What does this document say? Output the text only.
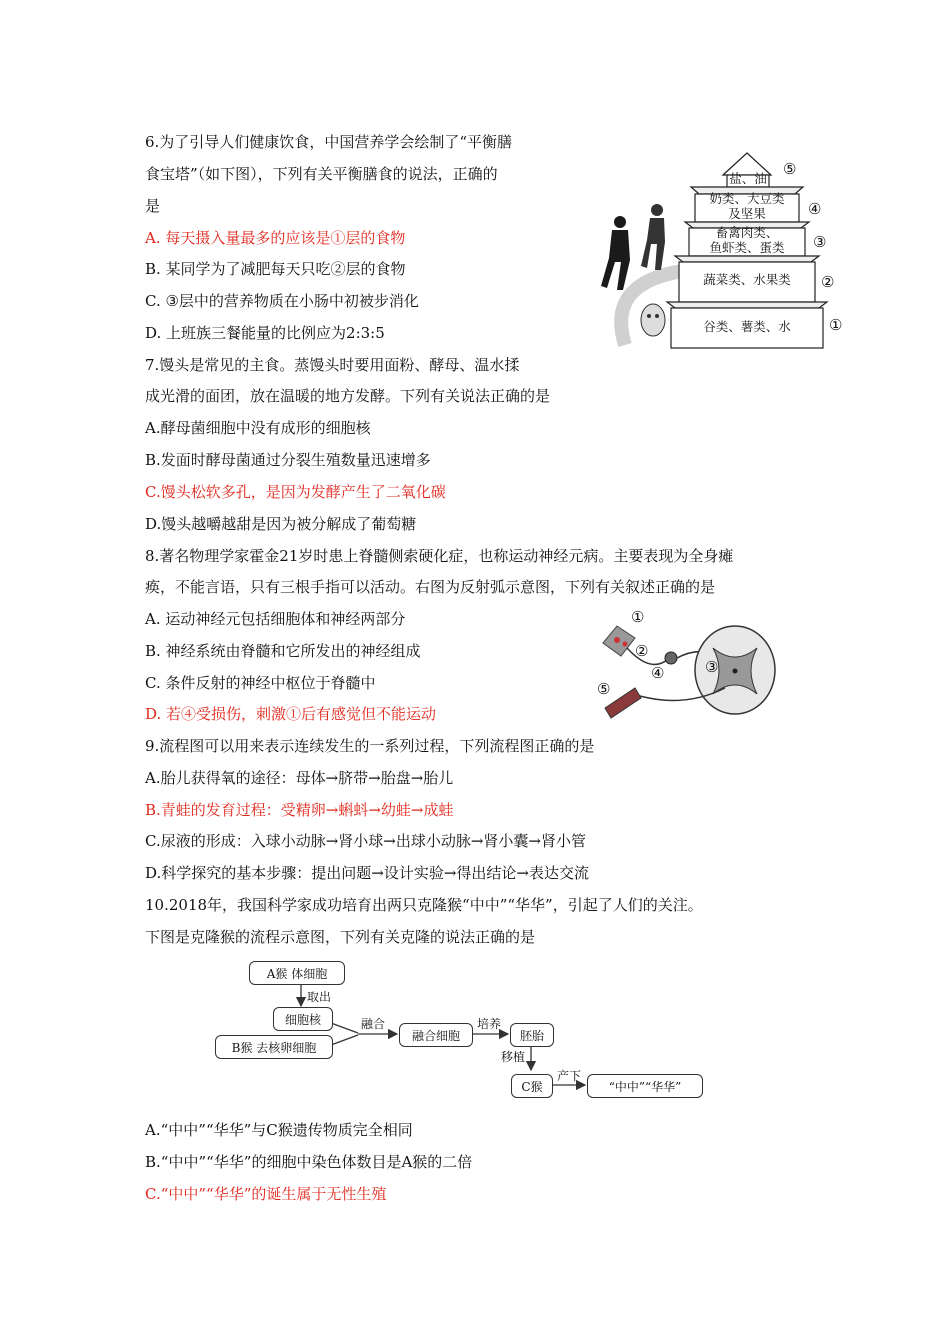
6.为了引导人们健康饮食，中国营养学会绘制了“平衡膳
食宝塔”（如下图），下列有关平衡膳食的说法，正确的
是
A. 每天摄入量最多的应该是①层的食物
B. 某同学为了减肥每天只吃②层的食物
C. ③层中的营养物质在小肠中初被步消化
D. 上班族三餐能量的比例应为2:3:5
盐、油
奶类、大豆类
及坚果
畜禽肉类、
鱼虾类、蛋类
蔬菜类、水果类
谷类、薯类、水
⑤
④
③
②
①
7.馒头是常见的主食。蒸馒头时要用面粉、酵母、温水揉
成光滑的面团，放在温暖的地方发酵。下列有关说法正确的是
A.酵母菌细胞中没有成形的细胞核
B.发面时酵母菌通过分裂生殖数量迅速增多
C.馒头松软多孔，是因为发酵产生了二氧化碳
D.馒头越嚼越甜是因为被分解成了葡萄糖
8.著名物理学家霍金21岁时患上脊髓侧索硬化症，也称运动神经元病。主要表现为全身瘫
痪，不能言语，只有三根手指可以活动。右图为反射弧示意图，下列有关叙述正确的是
A. 运动神经元包括细胞体和神经两部分
B. 神经系统由脊髓和它所发出的神经组成
C. 条件反射的神经中枢位于脊髓中
D. 若④受损伤，刺激①后有感觉但不能运动
①
②
③
④
⑤
9.流程图可以用来表示连续发生的一系列过程，下列流程图正确的是
A.胎儿获得氧的途径：母体→脐带→胎盘→胎儿
B.青蛙的发育过程：受精卵→蝌蚪→幼蛙→成蛙
C.尿液的形成：入球小动脉→肾小球→出球小动脉→肾小囊→肾小管
D.科学探究的基本步骤：提出问题→设计实验→得出结论→表达交流
10.2018年，我国科学家成功培育出两只克隆猴“中中”“华华”，引起了人们的关注。
下图是克隆猴的流程示意图，下列有关克隆的说法正确的是
A猴 体细胞
取出
细胞核
B猴 去核卵细胞
融合
融合细胞
培养
胚胎
移植
C猴
产下
“中中”“华华”
A.“中中”“华华”与C猴遗传物质完全相同
B.“中中”“华华”的细胞中染色体数目是A猴的二倍
C.“中中”“华华”的诞生属于无性生殖
